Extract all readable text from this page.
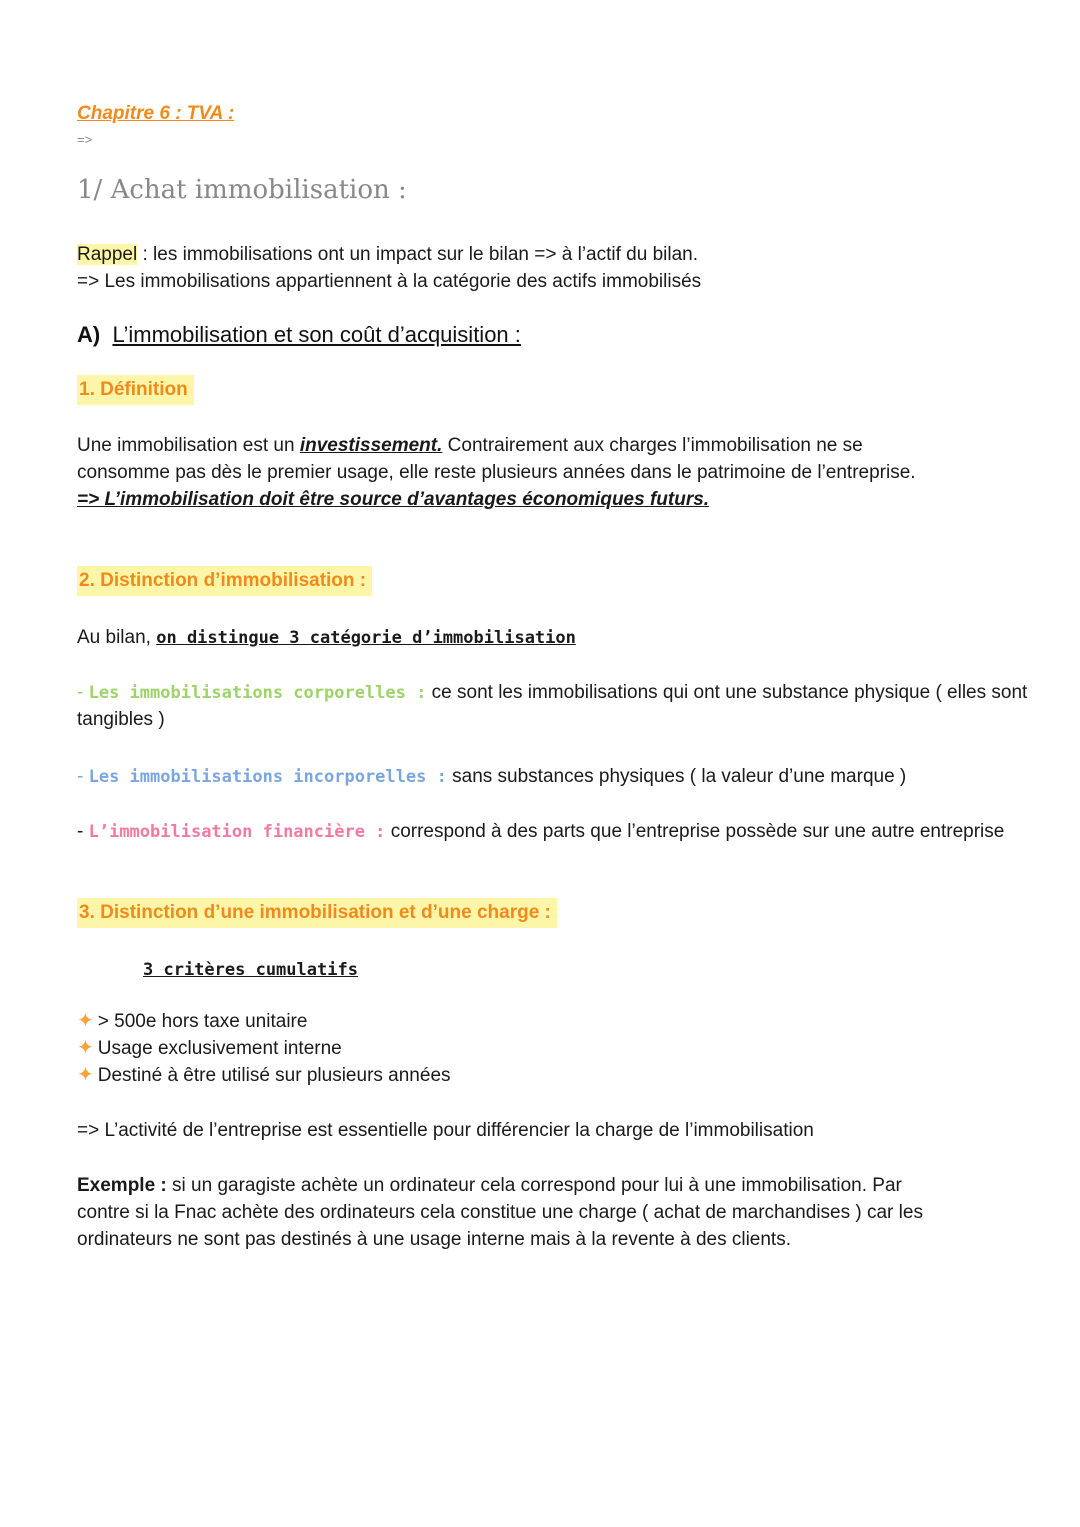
Chapitre 6 : TVA :
=>
1/ Achat immobilisation :
Rappel : les immobilisations ont un impact sur le bilan => à l’actif du bilan.
=> Les immobilisations appartiennent à la catégorie des actifs immobilisés
A) L’immobilisation et son coût d’acquisition :
1. Définition
Une immobilisation est un investissement. Contrairement aux charges l’immobilisation ne se
consomme pas dès le premier usage, elle reste plusieurs années dans le patrimoine de l’entreprise.
=> L’immobilisation doit être source d’avantages économiques futurs.
2. Distinction d’immobilisation :
Au bilan, on distingue 3 catégorie d’immobilisation
- Les immobilisations corporelles : ce sont les immobilisations qui ont une substance physique ( elles sont
tangibles )
- Les immobilisations incorporelles : sans substances physiques ( la valeur d’une marque )
- L’immobilisation financière : correspond à des parts que l’entreprise possède sur une autre entreprise
3. Distinction d’une immobilisation et d’une charge :
3 critères cumulatifs
✦ > 500e hors taxe unitaire
✦ Usage exclusivement interne
✦ Destiné à être utilisé sur plusieurs années
=> L’activité de l’entreprise est essentielle pour différencier la charge de l’immobilisation
Exemple : si un garagiste achète un ordinateur cela correspond pour lui à une immobilisation. Par
contre si la Fnac achète des ordinateurs cela constitue une charge ( achat de marchandises ) car les
ordinateurs ne sont pas destinés à une usage interne mais à la revente à des clients.
